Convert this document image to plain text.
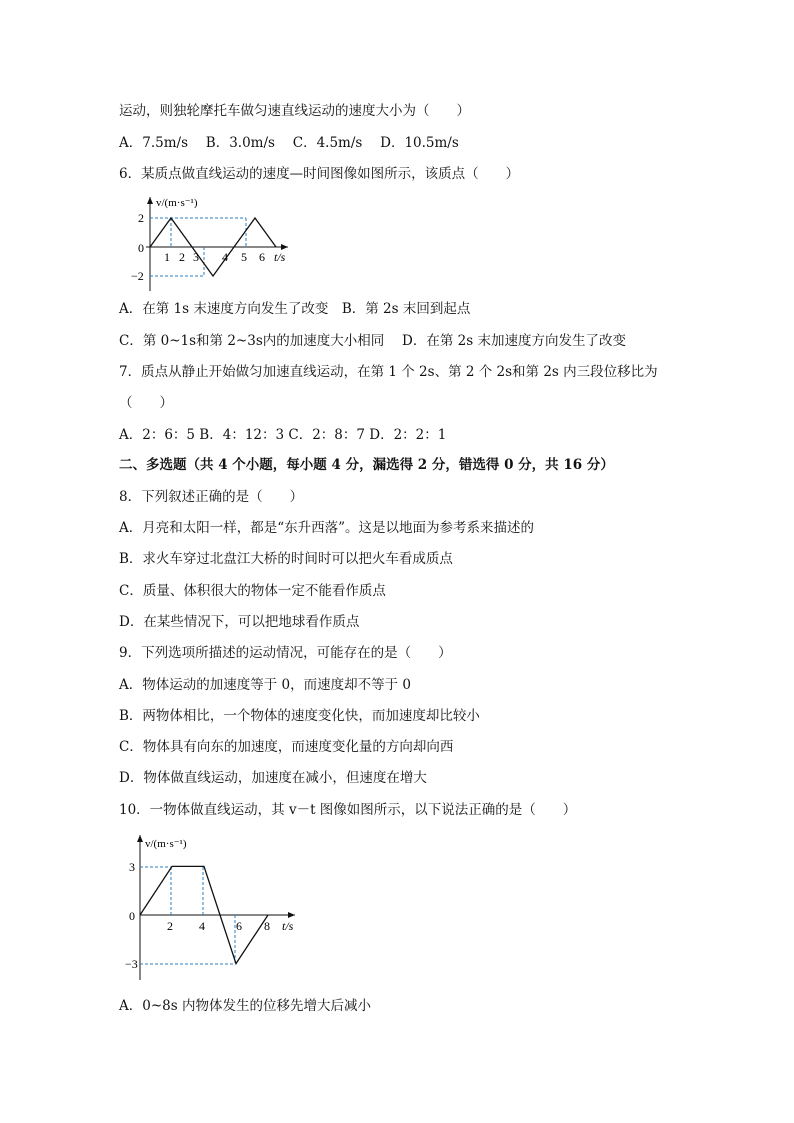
运动，则独轮摩托车做匀速直线运动的速度大小为（　　）
A．7.5m/s　 B．3.0m/s　 C．4.5m/s　 D．10.5m/s
6．某质点做直线运动的速度—时间图像如图所示，该质点（　　）
v/(m·s⁻¹)
t/s
0
2
−2
1 2 3 4 5 6
A．在第 1s 末速度方向发生了改变　B．第 2s 末回到起点
C．第 0~1s和第 2~3s内的加速度大小相同　 D．在第 2s 末加速度方向发生了改变
7．质点从静止开始做匀加速直线运动，在第 1 个 2s、第 2 个 2s和第 2s 内三段位移比为
（　　）
A．2：6：5 B．4：12：3 C．2：8：7 D．2：2：1
二、多选题（共 4 个小题，每小题 4 分，漏选得 2 分，错选得 0 分，共 16 分）
8．下列叙述正确的是（　　）
A．月亮和太阳一样，都是“东升西落”。这是以地面为参考系来描述的
B．求火车穿过北盘江大桥的时间时可以把火车看成质点
C．质量、体积很大的物体一定不能看作质点
D．在某些情况下，可以把地球看作质点
9．下列选项所描述的运动情况，可能存在的是（　　）
A．物体运动的加速度等于 0，而速度却不等于 0
B．两物体相比，一个物体的速度变化快，而加速度却比较小
C．物体具有向东的加速度，而速度变化量的方向却向西
D．物体做直线运动，加速度在减小，但速度在增大
10．一物体做直线运动，其 v－t 图像如图所示，以下说法正确的是（　　）
v/(m·s⁻¹)
t/s
0
3
−3
2 4	6 8
A．0~8s 内物体发生的位移先增大后减小
